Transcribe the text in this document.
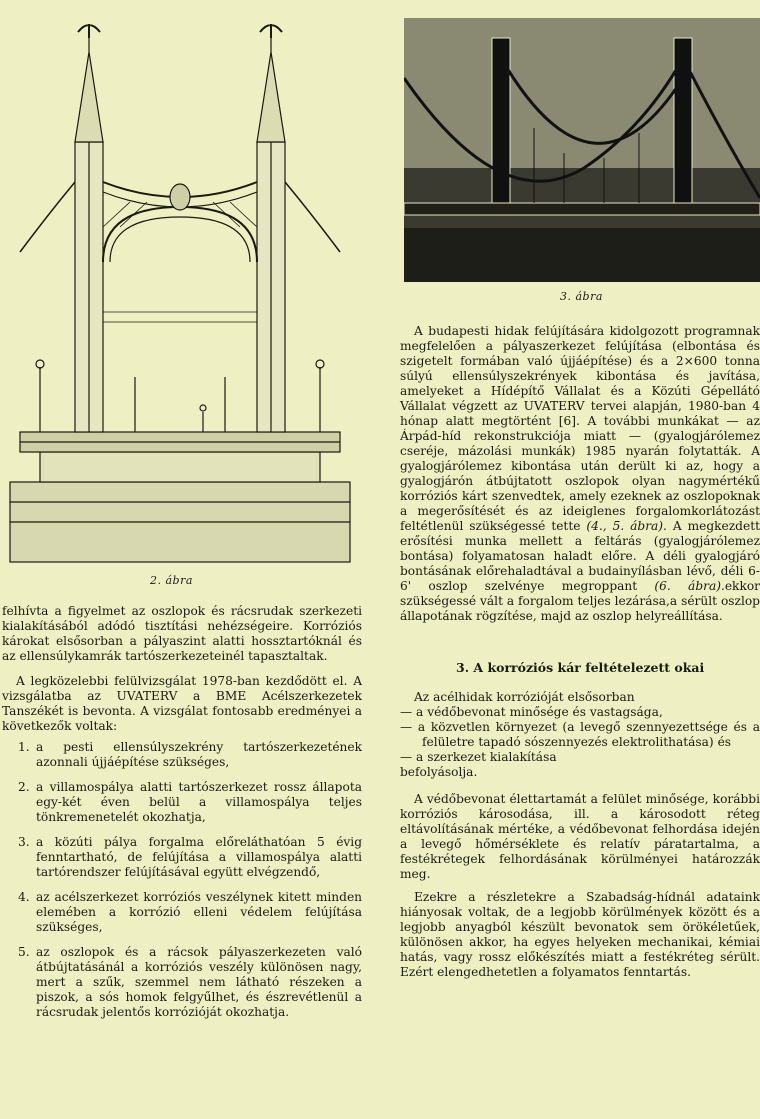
2. ábra
3. ábra

felhívta a figyelmet az oszlopok és rácsrudak szerkezeti kialakításából adódó tisztítási nehézségeire. Korróziós károkat elsősorban a pályaszint alatti hossztartóknál és az ellensúlykamrák tartószerkezeteinél tapasztaltak.

A legközelebbi felülvizsgálat 1978-ban kezdődött el. A vizsgálatba az UVATERV a BME Acélszerkezetek Tanszékét is bevonta. A vizsgálat fontosabb eredményei a következők voltak:

1. a pesti ellensúlyszekrény tartószerkezetének azonnali újjáépítése szükséges,
2. a villamospálya alatti tartószerkezet rossz állapota egy-két éven belül a villamospálya teljes tönkremenetelét okozhatja,
3. a közúti pálya forgalma előreláthatóan 5 évig fenntartható, de felújítása a villamospálya alatti tartórendszer felújításával együtt elvégzendő,
4. az acélszerkezet korróziós veszélynek kitett minden elemében a korrózió elleni védelem felújítása szükséges,
5. az oszlopok és a rácsok pályaszerkezeten való átbújtatásánál a korróziós veszély különösen nagy, mert a szűk, szemmel nem látható részeken a piszok, a sós homok felgyűlhet, és észrevétlenül a rácsrudak jelentős korrózióját okozhatja.

A budapesti hidak felújítására kidolgozott programnak megfelelően a pályaszerkezet felújítása (elbontása és szigetelt formában való újjáépítése) és a 2×600 tonna súlyú ellensúlyszekrények kibontása és javítása, amelyeket a Hídépítő Vállalat és a Közúti Gépellátó Vállalat végzett az UVATERV tervei alapján, 1980-ban 4 hónap alatt megtörtént [6]. A további munkákat — az Árpád-híd rekonstrukciója miatt — (gyalogjárólemez cseréje, mázolási munkák) 1985 nyarán folytatták. A gyalogjárólemez kibontása után derült ki az, hogy a gyalogjárón átbújtatott oszlopok olyan nagymértékű korróziós kárt szenvedtek, amely ezeknek az oszlopoknak a megerősítését és az ideiglenes forgalomkorlátozást feltétlenül szükségessé tette (4., 5. ábra). A megkezdett erősítési munka mellett a feltárás (gyalogjárólemez bontása) folyamatosan haladt előre. A déli gyalogjáró bontásának előrehaladtával a budainyílásban lévő, déli 6-6' oszlop szelvénye megroppant (6. ábra).ekkor szükségessé vált a forgalom teljes lezárása,a sérült oszlop állapotának rögzítése, majd az oszlop helyreállítása.

3. A korróziós kár feltételezett okai

Az acélhidak korrózióját elsősorban

— a védőbevonat minősége és vastagsága,
— a közvetlen környezet (a levegő szennyezettsége és a felületre tapadó sószennyezés elektrolithatása) és
— a szerkezet kialakítása

befolyásolja.

A védőbevonat élettartamát a felület minősége, korábbi korróziós károsodása, ill. a károsodott réteg eltávolításának mértéke, a védőbevonat felhordása idején a levegő hőmérséklete és relatív páratartalma, a festékrétegek felhordásának körülményei határozzák meg.

Ezekre a részletekre a Szabadság-hídnál adataink hiányosak voltak, de a legjobb körülmények között és a legjobb anyagból készült bevonatok sem örökéletűek, különösen akkor, ha egyes helyeken mechanikai, kémiai hatás, vagy rossz előkészítés miatt a festékréteg sérült. Ezért elengedhetetlen a folyamatos fenntartás.
